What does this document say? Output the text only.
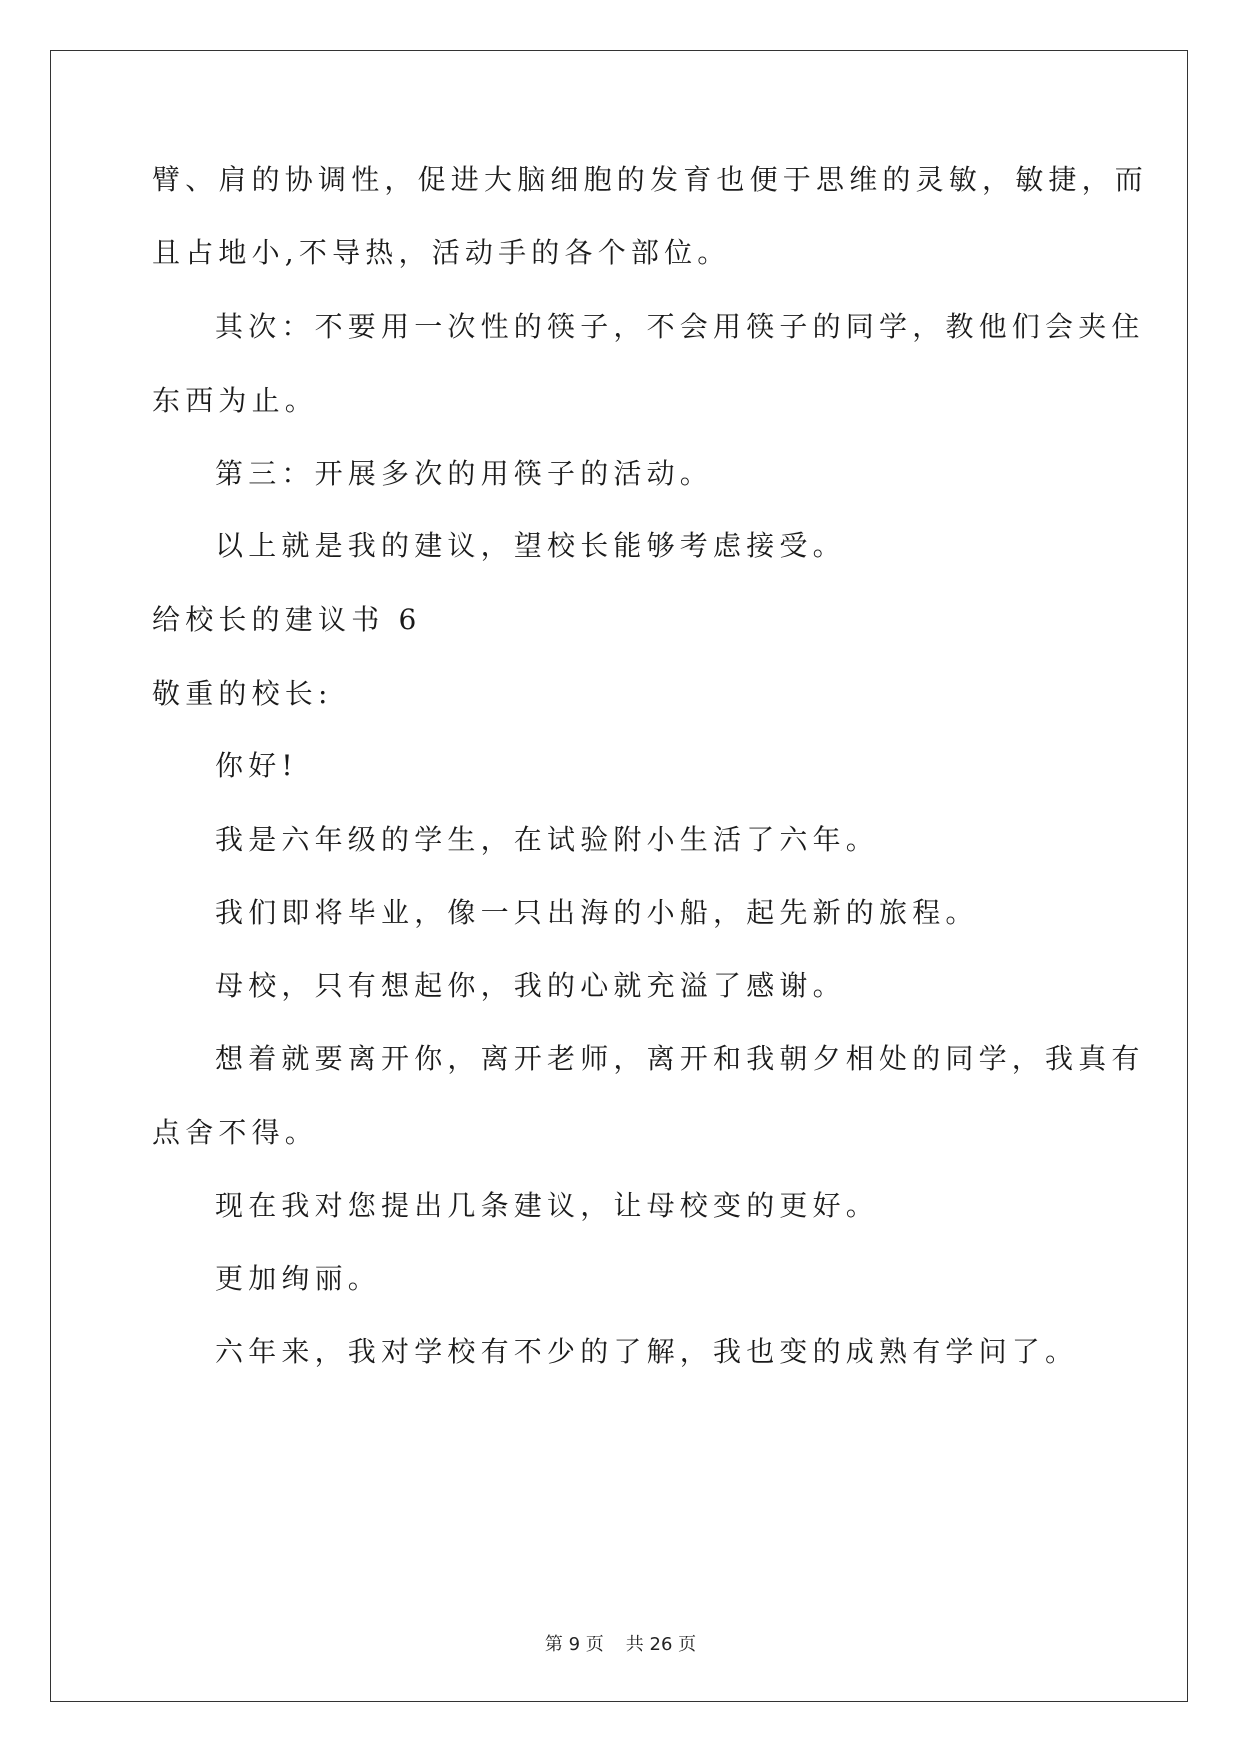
臂、肩的协调性，促进大脑细胞的发育也便于思维的灵敏，敏捷，而
且占地小,不导热，活动手的各个部位。
其次：不要用一次性的筷子，不会用筷子的同学，教他们会夹住
东西为止。
第三：开展多次的用筷子的活动。
以上就是我的建议，望校长能够考虑接受。
给校长的建议书 6
敬重的校长:
你好!
我是六年级的学生，在试验附小生活了六年。
我们即将毕业，像一只出海的小船，起先新的旅程。
母校，只有想起你，我的心就充溢了感谢。
想着就要离开你，离开老师，离开和我朝夕相处的同学，我真有
点舍不得。
现在我对您提出几条建议，让母校变的更好。
更加绚丽。
六年来，我对学校有不少的了解，我也变的成熟有学问了。
第 9 页 共 26 页
